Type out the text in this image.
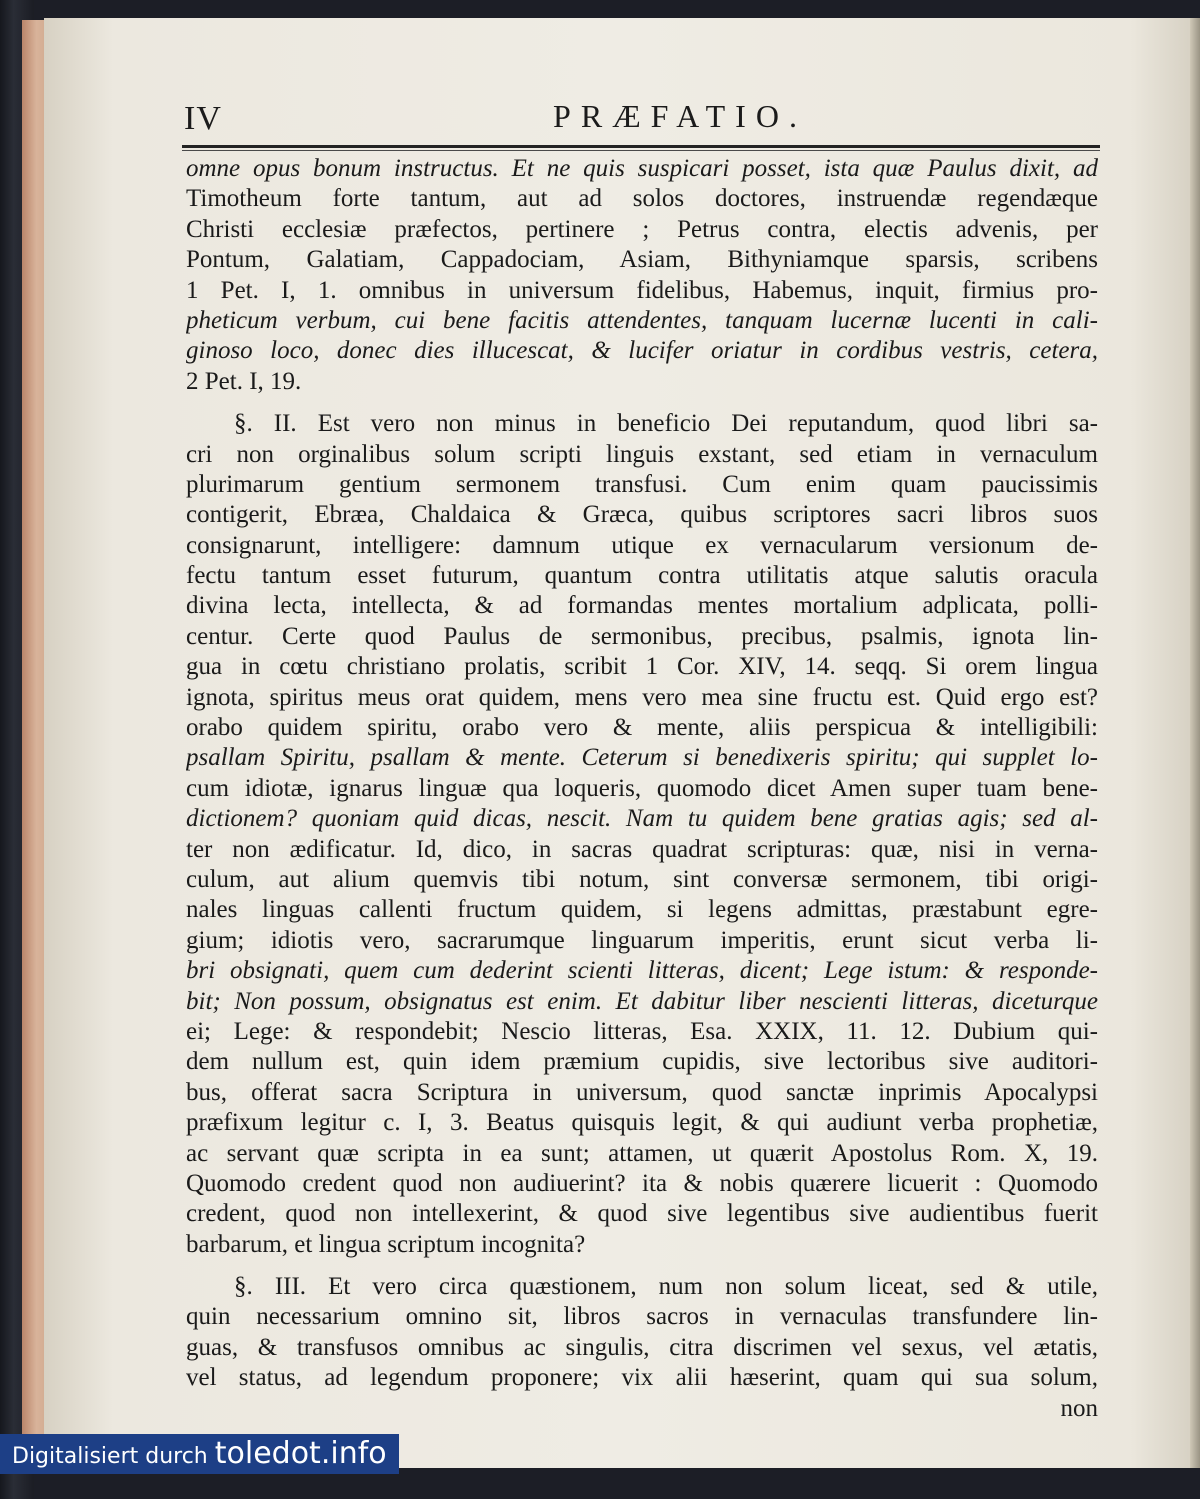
IV	PRÆFATIO.
omne opus bonum instructus. Et ne quis suspicari posset, ista quæ Paulus dixit, ad
Timotheum forte tantum, aut ad solos doctores, instruendæ regendæque
Christi ecclesiæ præfectos, pertinere ; Petrus contra, electis advenis, per
Pontum, Galatiam, Cappadociam, Asiam, Bithyniamque sparsis, scribens
1 Pet. I, 1. omnibus in universum fidelibus, Habemus, inquit, firmius pro-
pheticum verbum, cui bene facitis attendentes, tanquam lucernæ lucenti in cali-
ginoso loco, donec dies illucescat, & lucifer oriatur in cordibus vestris, cetera,
2 Pet. I, 19.
§. II. Est vero non minus in beneficio Dei reputandum, quod libri sa-
cri non orginalibus solum scripti linguis exstant, sed etiam in vernaculum
plurimarum gentium sermonem transfusi. Cum enim quam paucissimis
contigerit, Ebræa, Chaldaica & Græca, quibus scriptores sacri libros suos
consignarunt, intelligere: damnum utique ex vernacularum versionum de-
fectu tantum esset futurum, quantum contra utilitatis atque salutis oracula
divina lecta, intellecta, & ad formandas mentes mortalium adplicata, polli-
centur. Certe quod Paulus de sermonibus, precibus, psalmis, ignota lin-
gua in cœtu christiano prolatis, scribit 1 Cor. XIV, 14. seqq. Si orem lingua
ignota, spiritus meus orat quidem, mens vero mea sine fructu est. Quid ergo est?
orabo quidem spiritu, orabo vero & mente, aliis perspicua & intelligibili:
psallam Spiritu, psallam & mente. Ceterum si benedixeris spiritu; qui supplet lo-
cum idiotæ, ignarus linguæ qua loqueris, quomodo dicet Amen super tuam bene-
dictionem? quoniam quid dicas, nescit. Nam tu quidem bene gratias agis; sed al-
ter non ædificatur. Id, dico, in sacras quadrat scripturas: quæ, nisi in verna-
culum, aut alium quemvis tibi notum, sint conversæ sermonem, tibi origi-
nales linguas callenti fructum quidem, si legens admittas, præstabunt egre-
gium; idiotis vero, sacrarumque linguarum imperitis, erunt sicut verba li-
bri obsignati, quem cum dederint scienti litteras, dicent; Lege istum: & responde-
bit; Non possum, obsignatus est enim. Et dabitur liber nescienti litteras, diceturque
ei; Lege: & respondebit; Nescio litteras, Esa. XXIX, 11. 12. Dubium qui-
dem nullum est, quin idem præmium cupidis, sive lectoribus sive auditori-
bus, offerat sacra Scriptura in universum, quod sanctæ inprimis Apocalypsi
præfixum legitur c. I, 3. Beatus quisquis legit, & qui audiunt verba prophetiæ,
ac servant quæ scripta in ea sunt; attamen, ut quærit Apostolus Rom. X, 19.
Quomodo credent quod non audiuerint? ita & nobis quærere licuerit : Quomodo
credent, quod non intellexerint, & quod sive legentibus sive audientibus fuerit
barbarum, et lingua scriptum incognita?
§. III. Et vero circa quæstionem, num non solum liceat, sed & utile,
quin necessarium omnino sit, libros sacros in vernaculas transfundere lin-
guas, & transfusos omnibus ac singulis, citra discrimen vel sexus, vel ætatis,
vel status, ad legendum proponere; vix alii hæserint, quam qui sua solum,
non
Digitalisiert durch toledot.info
